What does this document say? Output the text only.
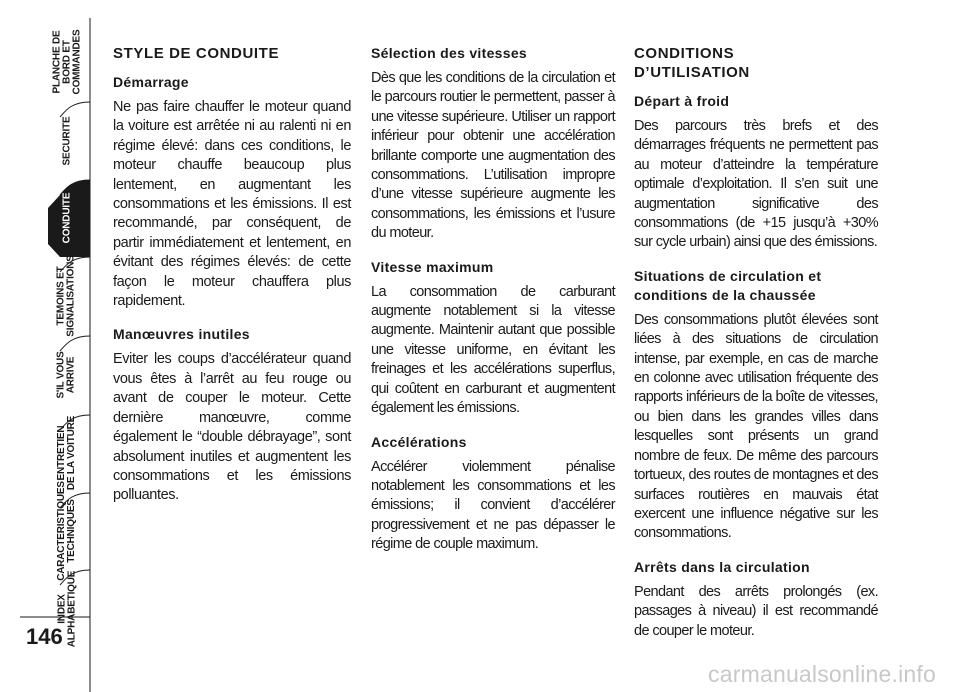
PLANCHE DE BORD ET COMMANDES
SECURITE
CONDUITE
TEMOINS ET SIGNALISATIONS
S'IL VOUS ARRIVE
ENTRETIEN DE LA VOITURE
CARACTERISTIQUES TECHNIQUES
INDEX ALPHABETIQUE
146
STYLE DE CONDUITE
Démarrage

Ne pas faire chauffer le moteur quand la voiture est arrêtée ni au ralenti ni en régime élevé: dans ces conditions, le moteur chauffe beaucoup plus lentement, en augmentant les consommations et les émissions. Il est recommandé, par conséquent, de partir immédiatement et lentement, en évitant des régimes élevés: de cette façon le moteur chauffera plus rapidement.

Manœuvres inutiles

Eviter les coups d’accélérateur quand vous êtes à l’arrêt au feu rouge ou avant de couper le moteur. Cette dernière manœuvre, comme également le “double débrayage”, sont absolument inutiles et augmentent les consommations et les émissions polluantes.

Sélection des vitesses

Dès que les conditions de la circulation et le parcours routier le permettent, passer à une vitesse supérieure. Utiliser un rapport inférieur pour obtenir une accélération brillante comporte une augmentation des consommations. L’utilisation impropre d’une vitesse supérieure augmente les consommations, les émissions et l’usure du moteur.

Vitesse maximum

La consommation de carburant augmente notablement si la vitesse augmente. Maintenir autant que possible une vitesse uniforme, en évitant les freinages et les accélérations superflus, qui coûtent en carburant et augmentent également les émissions.

Accélérations

Accélérer violemment pénalise notablement les consommations et les émissions; il convient d’accélérer progressivement et ne pas dépasser le régime de couple maximum.

CONDITIONS D’UTILISATION
Départ à froid

Des parcours très brefs et des démarrages fréquents ne permettent pas au moteur d’atteindre la température optimale d’exploitation. Il s’en suit une augmentation significative des consommations (de +15 jusqu’à +30% sur cycle urbain) ainsi que des émissions.

Situations de circulation et conditions de la chaussée

Des consommations plutôt élevées sont liées à des situations de circulation intense, par exemple, en cas de marche en colonne avec utilisation fréquente des rapports inférieurs de la boîte de vitesses, ou bien dans les grandes villes dans lesquelles sont présents un grand nombre de feux. De même des parcours tortueux, des routes de montagnes et des surfaces routières en mauvais état exercent une influence négative sur les consommations.

Arrêts dans la circulation

Pendant des arrêts prolongés (ex. passages à niveau) il est recommandé de couper le moteur.

carmanualsonline.info
